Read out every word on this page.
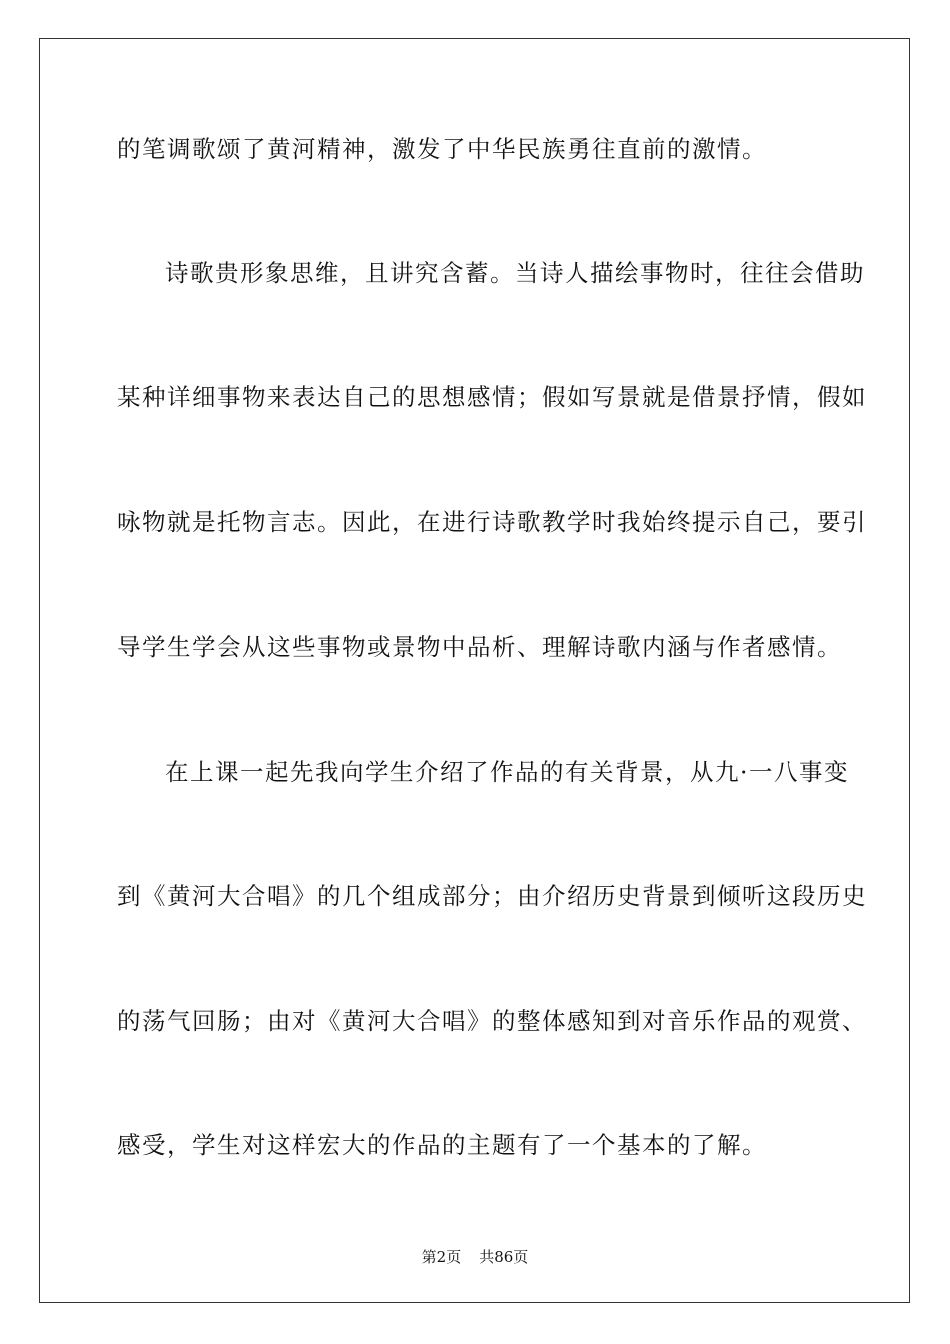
的笔调歌颂了黄河精神，激发了中华民族勇往直前的激情。
诗歌贵形象思维，且讲究含蓄。当诗人描绘事物时，往往会借助
某种详细事物来表达自己的思想感情；假如写景就是借景抒情，假如
咏物就是托物言志。因此，在进行诗歌教学时我始终提示自己，要引
导学生学会从这些事物或景物中品析、理解诗歌内涵与作者感情。
在上课一起先我向学生介绍了作品的有关背景，从九·一八事变
到《黄河大合唱》的几个组成部分；由介绍历史背景到倾听这段历史
的荡气回肠；由对《黄河大合唱》的整体感知到对音乐作品的观赏、
感受，学生对这样宏大的作品的主题有了一个基本的了解。
第2页 共86页
